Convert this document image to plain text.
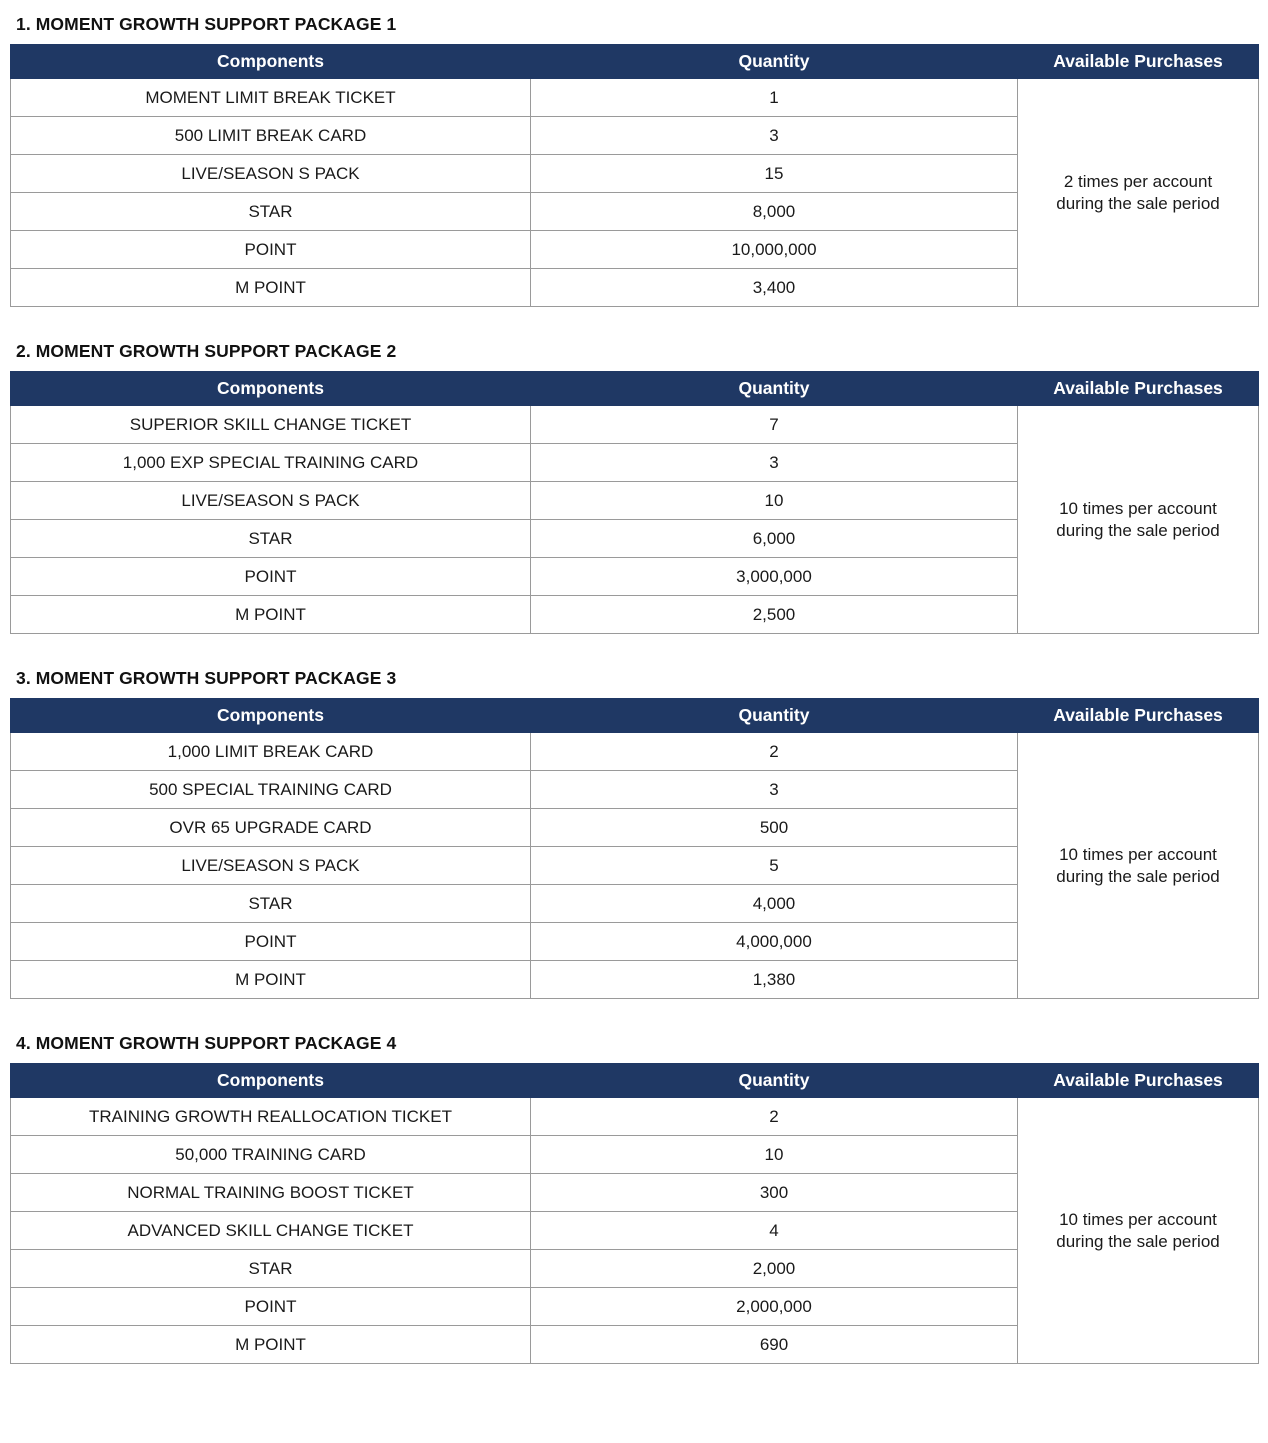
1. MOMENT GROWTH SUPPORT PACKAGE 1
Components	Quantity	Available Purchases
MOMENT LIMIT BREAK TICKET	1	2 times per account
during the sale period

500 LIMIT BREAK CARD	3	
LIVE/SEASON S PACK	15	
STAR	8,000	
POINT	10,000,000	
M POINT	3,400	
2. MOMENT GROWTH SUPPORT PACKAGE 2
Components	Quantity	Available Purchases
SUPERIOR SKILL CHANGE TICKET	7	10 times per account
during the sale period

1,000 EXP SPECIAL TRAINING CARD	3	
LIVE/SEASON S PACK	10	
STAR	6,000	
POINT	3,000,000	
M POINT	2,500	
3. MOMENT GROWTH SUPPORT PACKAGE 3
Components	Quantity	Available Purchases
1,000 LIMIT BREAK CARD	2	10 times per account
during the sale period

500 SPECIAL TRAINING CARD	3	
OVR 65 UPGRADE CARD	500	
LIVE/SEASON S PACK	5	
STAR	4,000	
POINT	4,000,000	
M POINT	1,380	
4. MOMENT GROWTH SUPPORT PACKAGE 4
Components	Quantity	Available Purchases
TRAINING GROWTH REALLOCATION TICKET	2	10 times per account
during the sale period

50,000 TRAINING CARD	10	
NORMAL TRAINING BOOST TICKET	300	
ADVANCED SKILL CHANGE TICKET	4	
STAR	2,000	
POINT	2,000,000	
M POINT	690	
